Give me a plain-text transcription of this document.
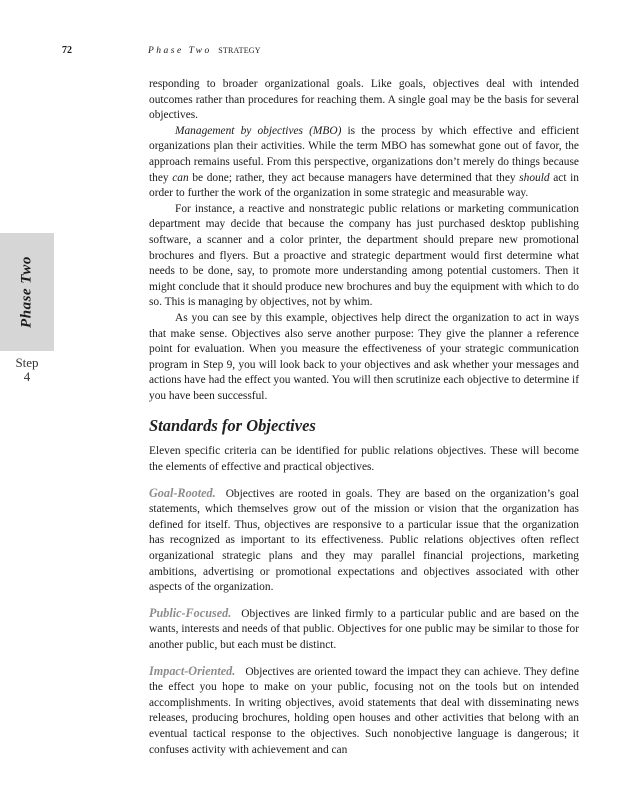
72	Phase Two STRATEGY
Phase Two
Step
4

responding to broader organizational goals. Like goals, objectives deal with intended outcomes rather than procedures for reaching them. A single goal may be the basis for several objectives.

Management by objectives (MBO) is the process by which effective and efficient organizations plan their activities. While the term MBO has somewhat gone out of favor, the approach remains useful. From this perspective, organizations don’t merely do things because they can be done; rather, they act because managers have determined that they should act in order to further the work of the organization in some strategic and measurable way.

For instance, a reactive and nonstrategic public relations or marketing communication department may decide that because the company has just purchased desktop publishing software, a scanner and a color printer, the department should prepare new promotional brochures and flyers. But a proactive and strategic department would first determine what needs to be done, say, to promote more understanding among potential customers. Then it might conclude that it should produce new brochures and buy the equipment with which to do so. This is managing by objectives, not by whim.

As you can see by this example, objectives help direct the organization to act in ways that make sense. Objectives also serve another purpose: They give the planner a reference point for evaluation. When you measure the effectiveness of your strategic communication program in Step 9, you will look back to your objectives and ask whether your messages and actions have had the effect you wanted. You will then scrutinize each objective to determine if you have been successful.

Standards for Objectives

Eleven specific criteria can be identified for public relations objectives. These will become the elements of effective and practical objectives.

Goal-Rooted. Objectives are rooted in goals. They are based on the organization’s goal statements, which themselves grow out of the mission or vision that the organization has defined for itself. Thus, objectives are responsive to a particular issue that the organization has recognized as important to its effectiveness. Public relations objectives often reflect organizational strategic plans and they may parallel financial projections, marketing ambitions, advertising or promotional expectations and objectives associated with other aspects of the organization.

Public-Focused. Objectives are linked firmly to a particular public and are based on the wants, interests and needs of that public. Objectives for one public may be similar to those for another public, but each must be distinct.

Impact-Oriented. Objectives are oriented toward the impact they can achieve. They define the effect you hope to make on your public, focusing not on the tools but on intended accomplishments. In writing objectives, avoid statements that deal with disseminating news releases, producing brochures, holding open houses and other activities that belong with an eventual tactical response to the objectives. Such nonobjective language is dangerous; it confuses activity with achievement and can
